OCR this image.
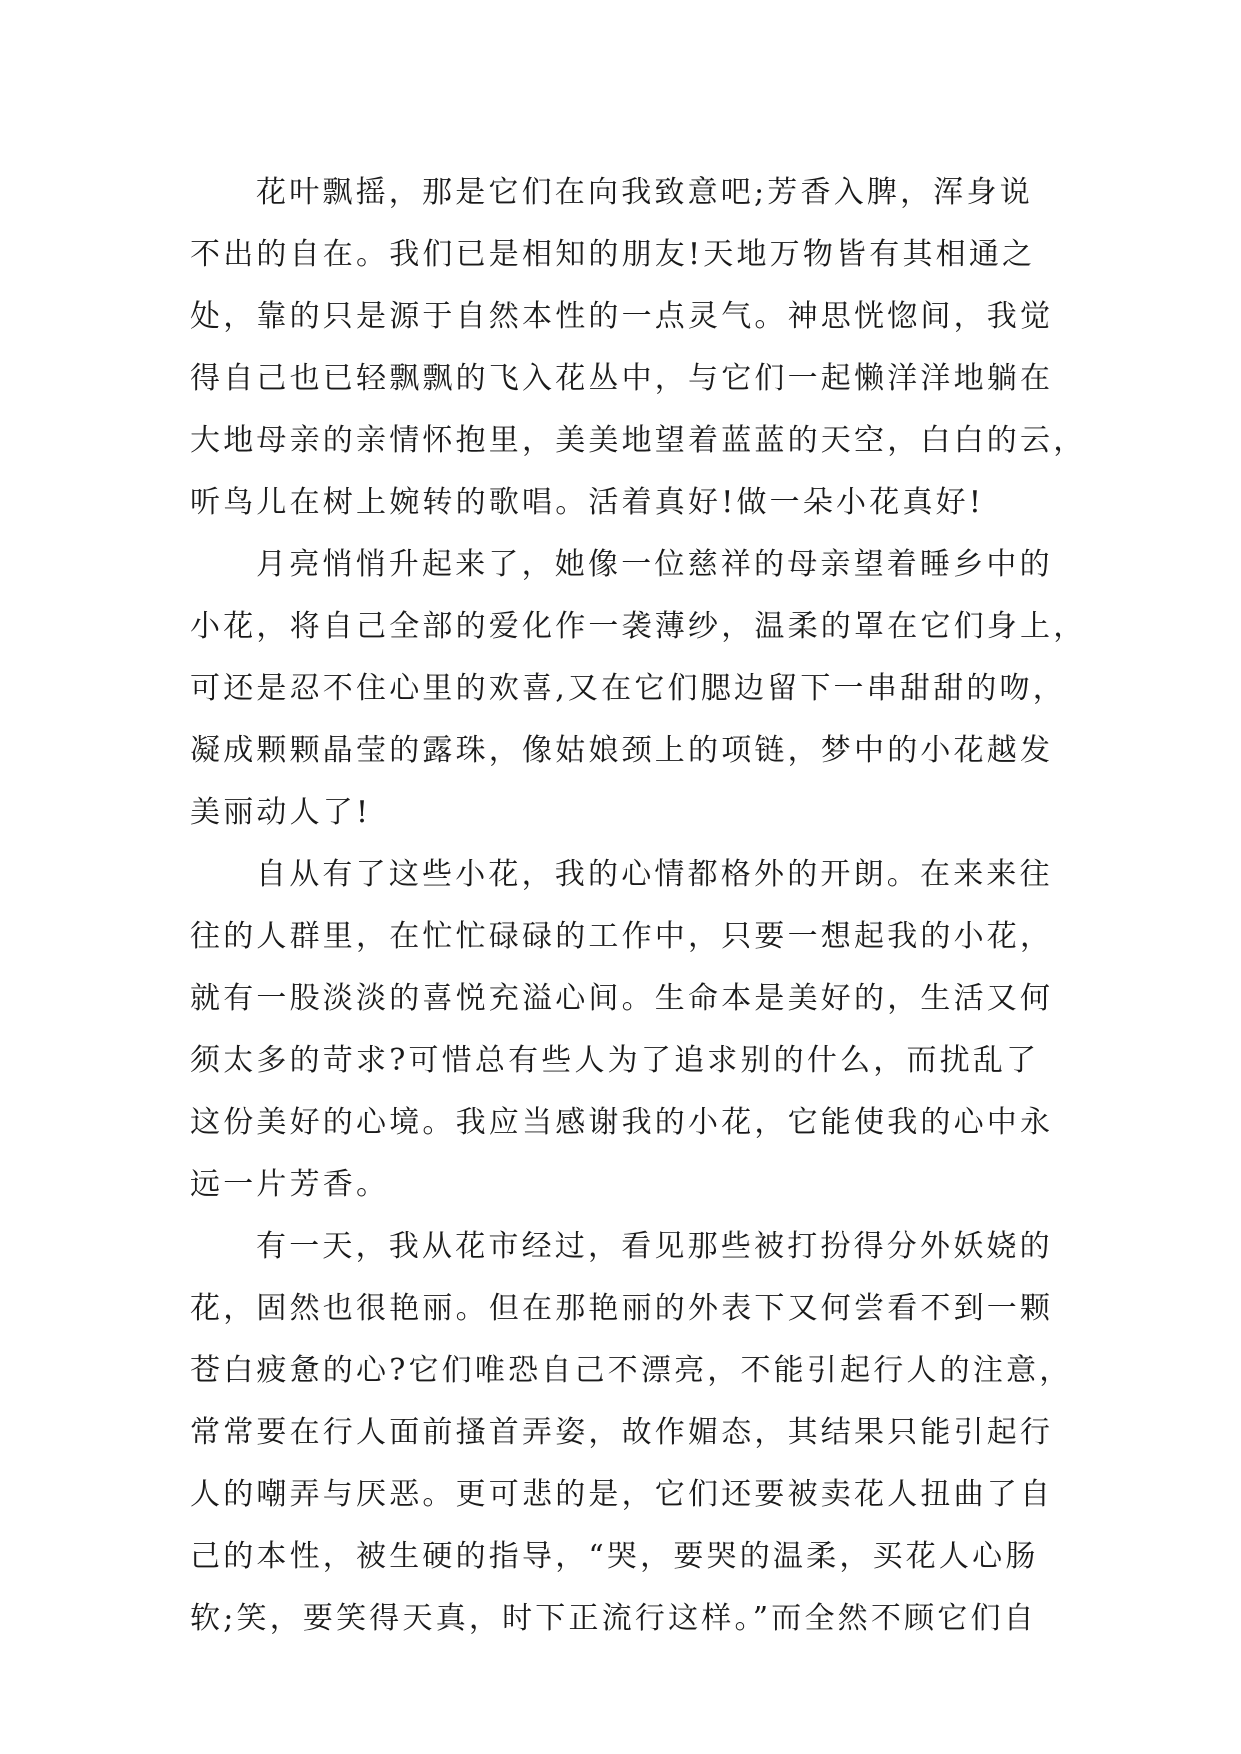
花叶飘摇，那是它们在向我致意吧;芳香入脾，浑身说
不出的自在。我们已是相知的朋友!天地万物皆有其相通之
处，靠的只是源于自然本性的一点灵气。神思恍惚间，我觉
得自己也已轻飘飘的飞入花丛中，与它们一起懒洋洋地躺在
大地母亲的亲情怀抱里，美美地望着蓝蓝的天空，白白的云，
听鸟儿在树上婉转的歌唱。活着真好!做一朵小花真好!

月亮悄悄升起来了，她像一位慈祥的母亲望着睡乡中的
小花，将自己全部的爱化作一袭薄纱，温柔的罩在它们身上，
可还是忍不住心里的欢喜,又在它们腮边留下一串甜甜的吻，
凝成颗颗晶莹的露珠，像姑娘颈上的项链，梦中的小花越发
美丽动人了!

自从有了这些小花，我的心情都格外的开朗。在来来往
往的人群里，在忙忙碌碌的工作中，只要一想起我的小花，
就有一股淡淡的喜悦充溢心间。生命本是美好的，生活又何
须太多的苛求?可惜总有些人为了追求别的什么，而扰乱了
这份美好的心境。我应当感谢我的小花，它能使我的心中永
远一片芳香。

有一天，我从花市经过，看见那些被打扮得分外妖娆的
花，固然也很艳丽。但在那艳丽的外表下又何尝看不到一颗
苍白疲惫的心?它们唯恐自己不漂亮，不能引起行人的注意，
常常要在行人面前搔首弄姿，故作媚态，其结果只能引起行
人的嘲弄与厌恶。更可悲的是，它们还要被卖花人扭曲了自
己的本性，被生硬的指导，“哭，要哭的温柔，买花人心肠
软;笑，要笑得天真，时下正流行这样。”而全然不顾它们自
